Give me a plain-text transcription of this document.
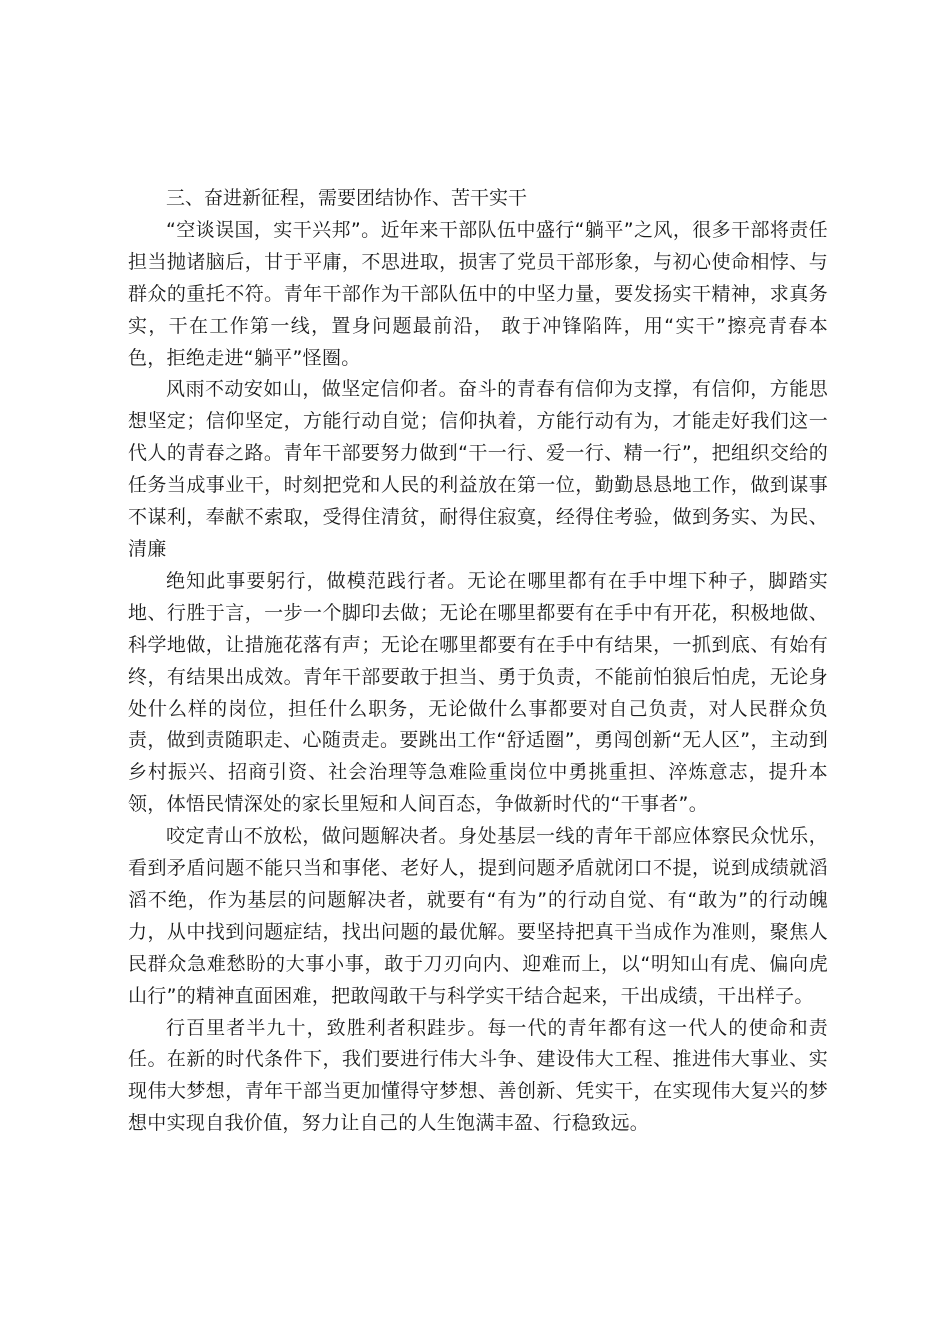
三、奋进新征程，需要团结协作、苦干实干

“空谈误国，实干兴邦”。近年来干部队伍中盛行“躺平”之风，很多干部将责任担当抛诸脑后，甘于平庸，不思进取，损害了党员干部形象，与初心使命相悖、与群众的重托不符。青年干部作为干部队伍中的中坚力量，要发扬实干精神，求真务实，干在工作第一线，置身问题最前沿， 敢于冲锋陷阵，用“实干”擦亮青春本色，拒绝走进“躺平”怪圈。

风雨不动安如山，做坚定信仰者。奋斗的青春有信仰为支撑，有信仰，方能思想坚定；信仰坚定，方能行动自觉；信仰执着，方能行动有为，才能走好我们这一代人的青春之路。青年干部要努力做到“干一行、爱一行、精一行”，把组织交给的任务当成事业干，时刻把党和人民的利益放在第一位，勤勤恳恳地工作，做到谋事不谋利，奉献不索取，受得住清贫，耐得住寂寞，经得住考验，做到务实、为民、清廉

绝知此事要躬行，做模范践行者。无论在哪里都有在手中埋下种子，脚踏实地、行胜于言，一步一个脚印去做；无论在哪里都要有在手中有开花，积极地做、科学地做，让措施花落有声；无论在哪里都要有在手中有结果，一抓到底、有始有终，有结果出成效。青年干部要敢于担当、勇于负责，不能前怕狼后怕虎，无论身处什么样的岗位，担任什么职务，无论做什么事都要对自己负责，对人民群众负责，做到责随职走、心随责走。要跳出工作“舒适圈”，勇闯创新“无人区”，主动到乡村振兴、招商引资、社会治理等急难险重岗位中勇挑重担、淬炼意志，提升本领，体悟民情深处的家长里短和人间百态，争做新时代的“干事者”。

咬定青山不放松，做问题解决者。身处基层一线的青年干部应体察民众忧乐，看到矛盾问题不能只当和事佬、老好人，提到问题矛盾就闭口不提，说到成绩就滔滔不绝，作为基层的问题解决者，就要有“有为”的行动自觉、有“敢为”的行动魄力，从中找到问题症结，找出问题的最优解。要坚持把真干当成作为准则，聚焦人民群众急难愁盼的大事小事，敢于刀刃向内、迎难而上，以“明知山有虎、偏向虎山行”的精神直面困难，把敢闯敢干与科学实干结合起来，干出成绩，干出样子。

行百里者半九十，致胜利者积跬步。每一代的青年都有这一代人的使命和责任。在新的时代条件下，我们要进行伟大斗争、建设伟大工程、推进伟大事业、实现伟大梦想，青年干部当更加懂得守梦想、善创新、凭实干，在实现伟大复兴的梦想中实现自我价值，努力让自己的人生饱满丰盈、行稳致远。
